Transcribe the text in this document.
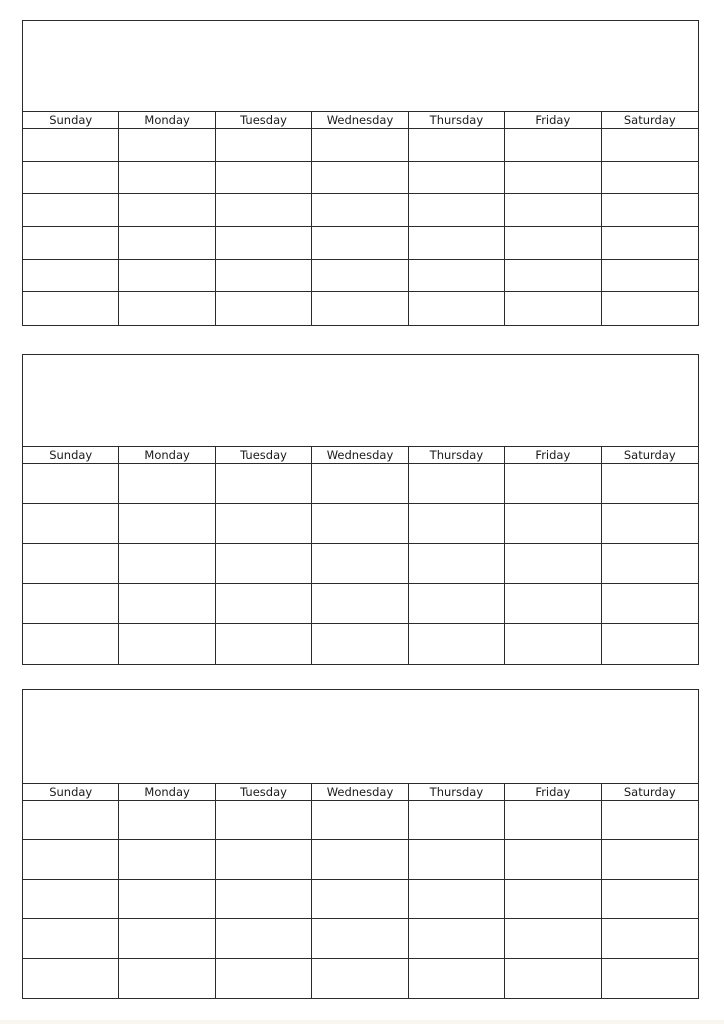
Sunday	Monday	Tuesday	Wednesday	Thursday	Friday	Saturday
Sunday	Monday	Tuesday	Wednesday	Thursday	Friday	Saturday
Sunday	Monday	Tuesday	Wednesday	Thursday	Friday	Saturday
